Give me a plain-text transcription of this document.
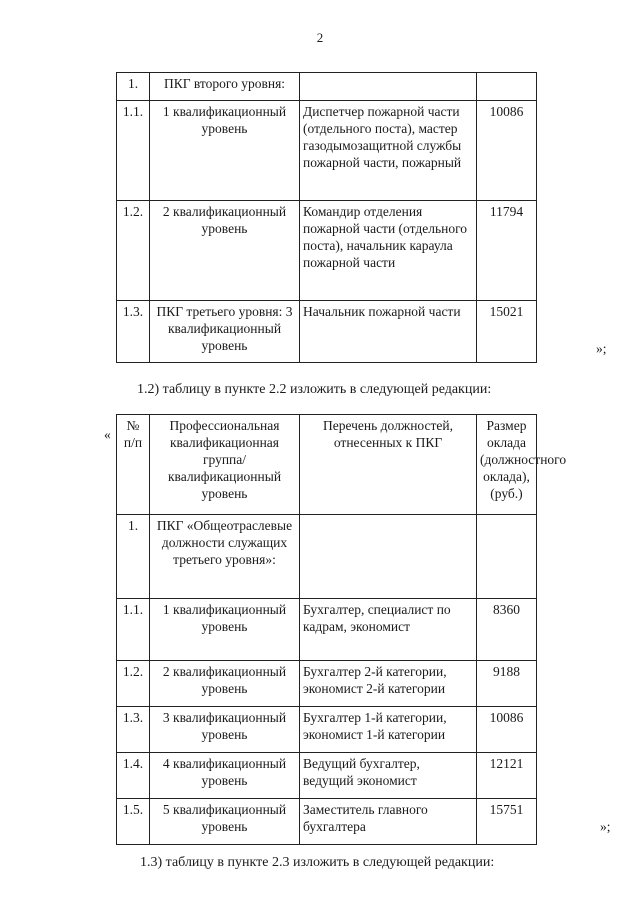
2
1.	ПКГ второго уровня:		
1.1.	1 квалификационный уровень	Диспетчер пожарной части (отдельного поста), мастер газодымозащитной службы пожарной части, пожарный	10086
1.2.	2 квалификационный уровень	Командир отделения пожарной части (отдельного поста), начальник караула пожарной части	11794
1.3.	ПКГ третьего уровня: 3 квалификационный уровень	Начальник пожарной части	15021
»;
1.2) таблицу в пункте 2.2 изложить в следующей редакции:
«
№ п/п	Профессиональная квалификационная группа/ квалификационный уровень	Перечень должностей, отнесенных к ПКГ	Размер оклада (должностного оклада), (руб.)
1.	ПКГ «Общеотраслевые должности служащих третьего уровня»:		
1.1.	1 квалификационный уровень	Бухгалтер, специалист по кадрам, экономист	8360
1.2.	2 квалификационный уровень	Бухгалтер 2-й категории, экономист 2-й категории	9188
1.3.	3 квалификационный уровень	Бухгалтер 1-й категории, экономист 1-й категории	10086
1.4.	4 квалификационный уровень	Ведущий бухгалтер, ведущий экономист	12121
1.5.	5 квалификационный уровень	Заместитель главного бухгалтера	15751
»;
1.3) таблицу в пункте 2.3 изложить в следующей редакции:
